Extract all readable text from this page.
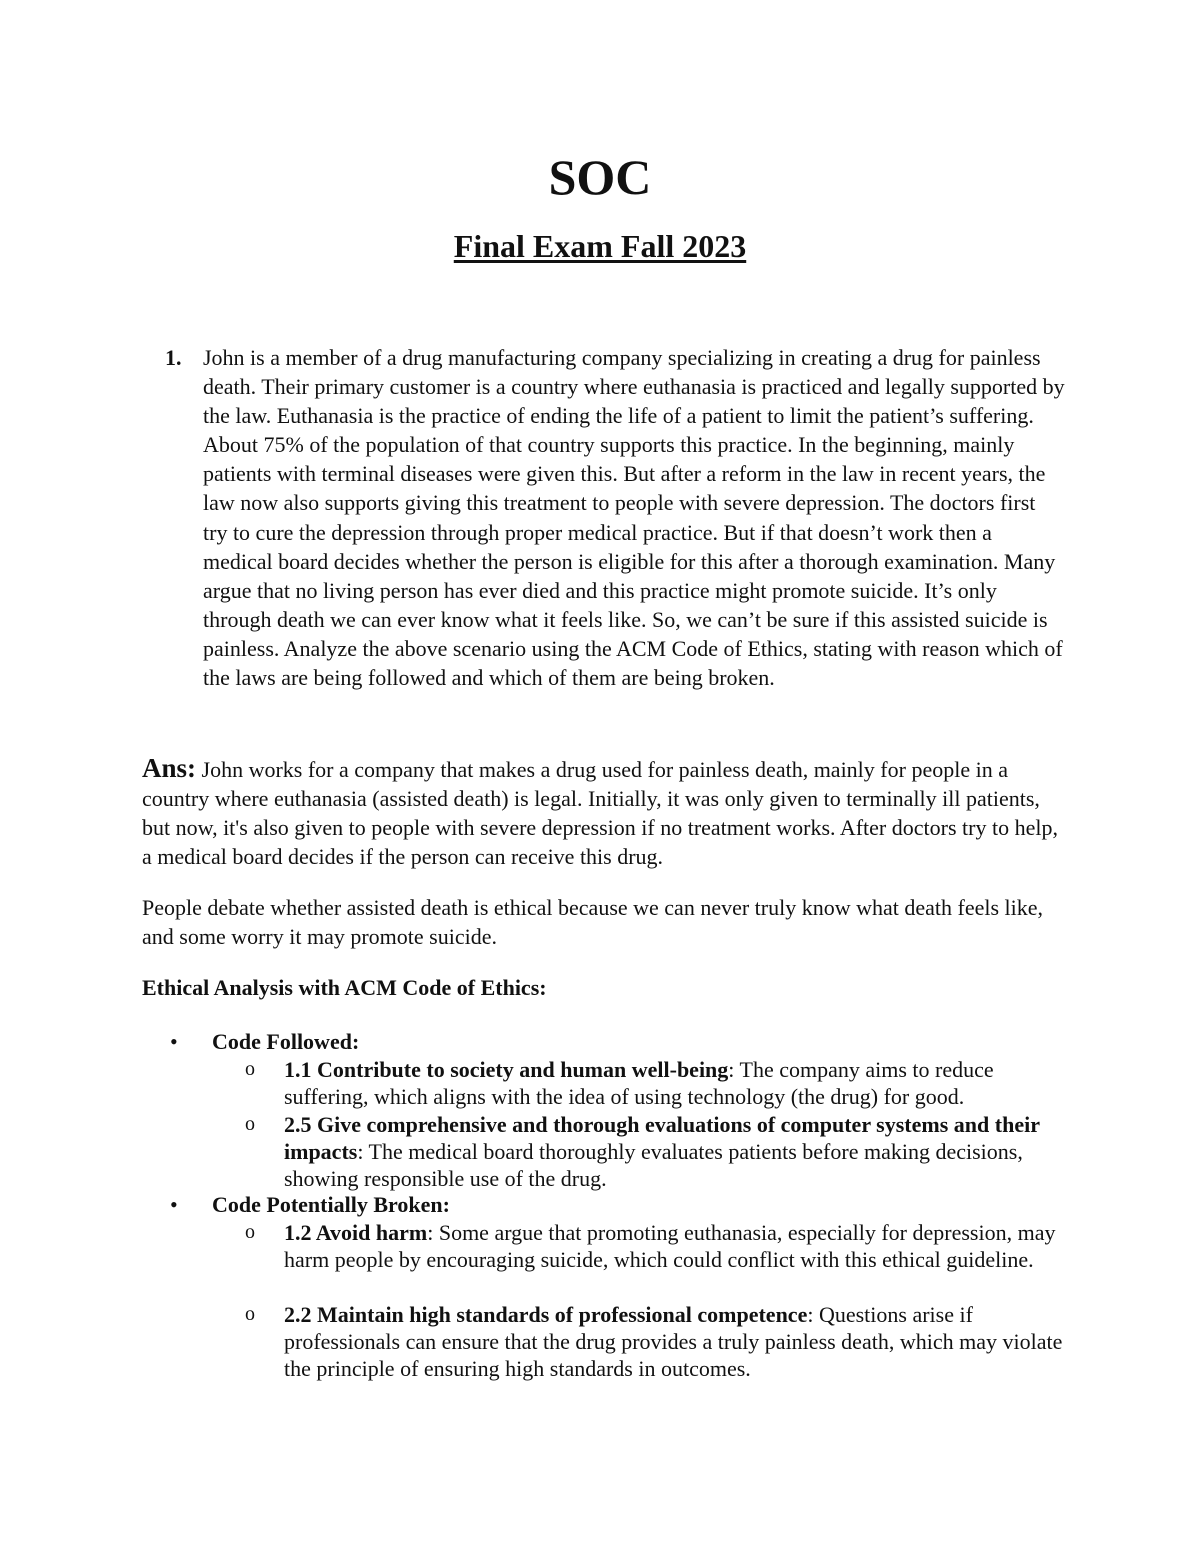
SOC
Final Exam Fall 2023
1. John is a member of a drug manufacturing company specializing in creating a drug for painless death. Their primary customer is a country where euthanasia is practiced and legally supported by the law. Euthanasia is the practice of ending the life of a patient to limit the patient’s suffering. About 75% of the population of that country supports this practice. In the beginning, mainly patients with terminal diseases were given this. But after a reform in the law in recent years, the law now also supports giving this treatment to people with severe depression. The doctors first try to cure the depression through proper medical practice. But if that doesn’t work then a medical board decides whether the person is eligible for this after a thorough examination. Many argue that no living person has ever died and this practice might promote suicide. It’s only through death we can ever know what it feels like. So, we can’t be sure if this assisted suicide is painless. Analyze the above scenario using the ACM Code of Ethics, stating with reason which of the laws are being followed and which of them are being broken.
Ans: John works for a company that makes a drug used for painless death, mainly for people in a country where euthanasia (assisted death) is legal. Initially, it was only given to terminally ill patients, but now, it's also given to people with severe depression if no treatment works. After doctors try to help, a medical board decides if the person can receive this drug.
People debate whether assisted death is ethical because we can never truly know what death feels like, and some worry it may promote suicide.
Ethical Analysis with ACM Code of Ethics:
• Code Followed:
o 1.1 Contribute to society and human well-being: The company aims to reduce suffering, which aligns with the idea of using technology (the drug) for good.
o 2.5 Give comprehensive and thorough evaluations of computer systems and their impacts: The medical board thoroughly evaluates patients before making decisions, showing responsible use of the drug.
• Code Potentially Broken:
o 1.2 Avoid harm: Some argue that promoting euthanasia, especially for depression, may harm people by encouraging suicide, which could conflict with this ethical guideline.
o 2.2 Maintain high standards of professional competence: Questions arise if professionals can ensure that the drug provides a truly painless death, which may violate the principle of ensuring high standards in outcomes.
